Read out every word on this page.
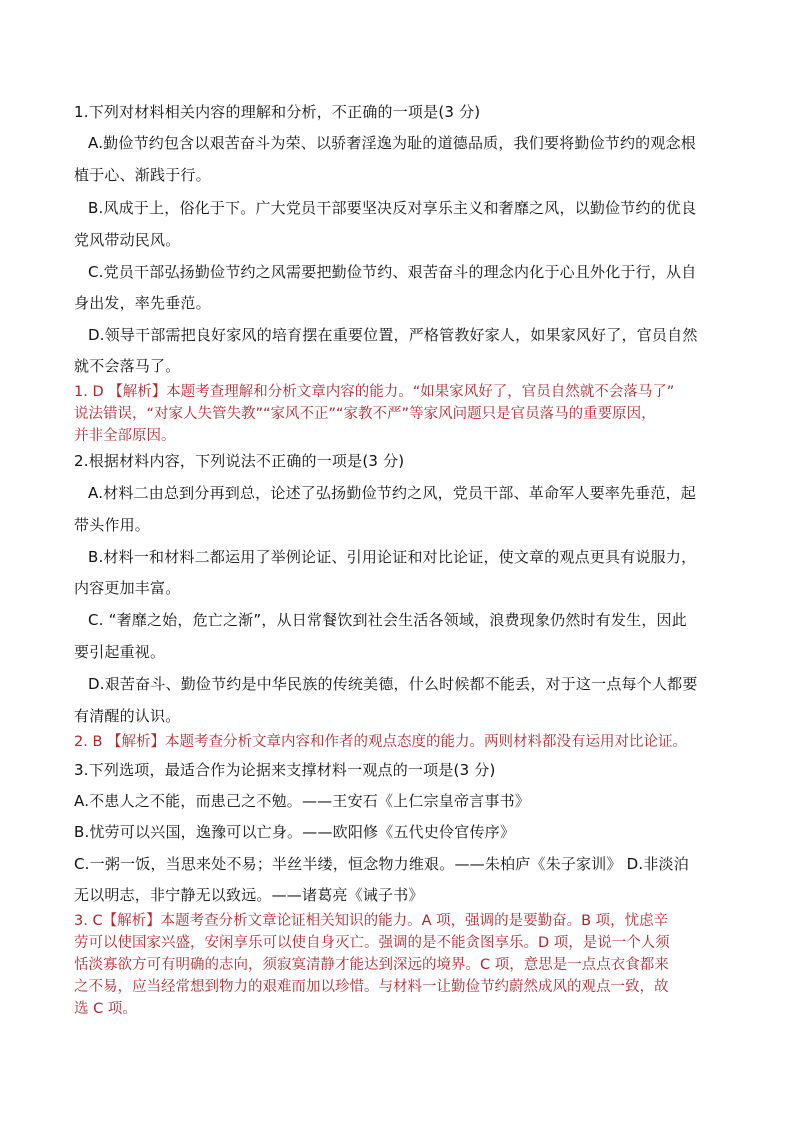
1.下列对材料相关内容的理解和分析，不正确的一项是(3 分)
A.勤俭节约包含以艰苦奋斗为荣、以骄奢淫逸为耻的道德品质，我们要将勤俭节约的观念根
植于心、渐践于行。
B.风成于上，俗化于下。广大党员干部要坚决反对享乐主义和奢靡之风，以勤俭节约的优良
党风带动民风。
C.党员干部弘扬勤俭节约之风需要把勤俭节约、艰苦奋斗的理念内化于心且外化于行，从自
身出发，率先垂范。
D.领导干部需把良好家风的培育摆在重要位置，严格管教好家人，如果家风好了，官员自然
就不会落马了。
1. D 【解析】本题考查理解和分析文章内容的能力。“如果家风好了，官员自然就不会落马了”
说法错误，“对家人失管失教”“家风不正”“家教不严”等家风问题只是官员落马的重要原因，
并非全部原因。
2.根据材料内容，下列说法不正确的一项是(3 分)
A.材料二由总到分再到总，论述了弘扬勤俭节约之风，党员干部、革命军人要率先垂范，起
带头作用。
B.材料一和材料二都运用了举例论证、引用论证和对比论证，使文章的观点更具有说服力，
内容更加丰富。
C. “奢靡之始，危亡之渐”，从日常餐饮到社会生活各领域，浪费现象仍然时有发生，因此
要引起重视。
D.艰苦奋斗、勤俭节约是中华民族的传统美德，什么时候都不能丢，对于这一点每个人都要
有清醒的认识。
2. B 【解析】本题考查分析文章内容和作者的观点态度的能力。两则材料都没有运用对比论证。
3.下列选项，最适合作为论据来支撑材料一观点的一项是(3 分)
A.不患人之不能，而患己之不勉。——王安石《上仁宗皇帝言事书》
B.忧劳可以兴国，逸豫可以亡身。——欧阳修《五代史伶官传序》
C.一粥一饭，当思来处不易；半丝半缕，恒念物力维艰。——朱柏庐《朱子家训》 D.非淡泊
无以明志，非宁静无以致远。——诸葛亮《诫子书》
3. C【解析】本题考查分析文章论证相关知识的能力。A 项，强调的是要勤奋。B 项，忧虑辛
劳可以使国家兴盛，安闲享乐可以使自身灭亡。强调的是不能贪图享乐。D 项，是说一个人须
恬淡寡欲方可有明确的志向，须寂寞清静才能达到深远的境界。C 项，意思是一点点衣食都来
之不易，应当经常想到物力的艰难而加以珍惜。与材料一让勤俭节约蔚然成风的观点一致，故
选 C 项。
